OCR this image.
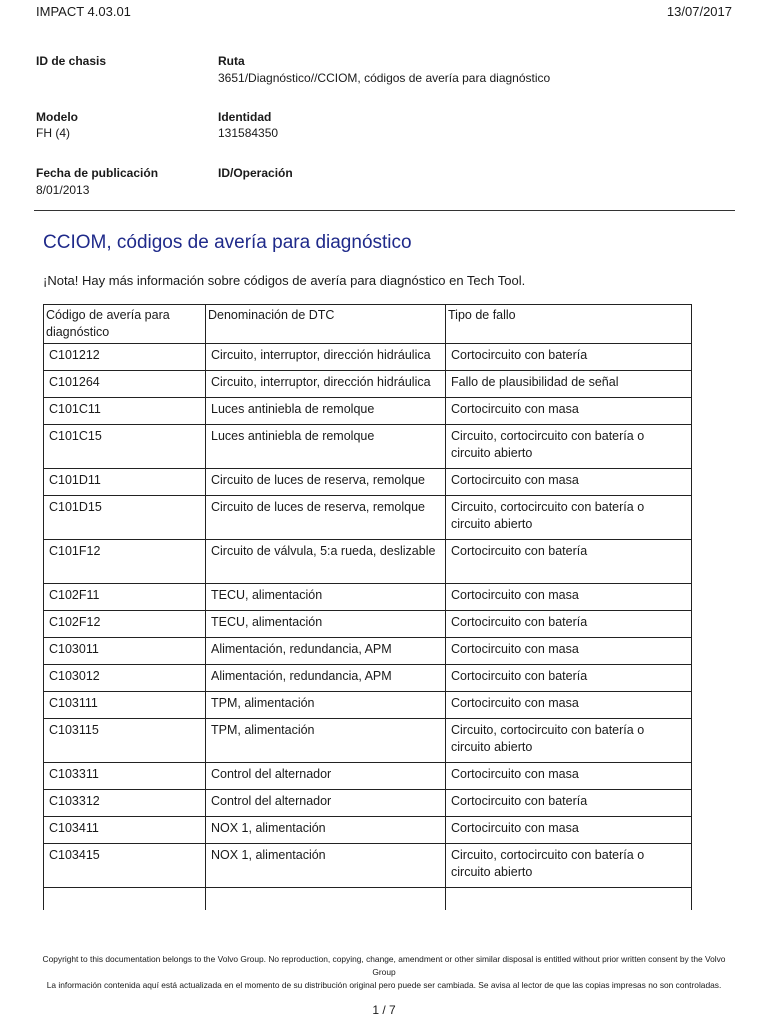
IMPACT 4.03.01	13/07/2017
ID de chasis	Ruta
3651/Diagnóstico//CCIOM, códigos de avería para diagnóstico
Modelo
FH (4)
Identidad
131584350
Fecha de publicación
8/01/2013
ID/Operación
CCIOM, códigos de avería para diagnóstico
¡Nota! Hay más información sobre códigos de avería para diagnóstico en Tech Tool.
Código de avería para diagnóstico	Denominación de DTC	Tipo de fallo
C101212	Circuito, interruptor, dirección hidráulica	Cortocircuito con batería
C101264	Circuito, interruptor, dirección hidráulica	Fallo de plausibilidad de señal
C101C11	Luces antiniebla de remolque	Cortocircuito con masa
C101C15	Luces antiniebla de remolque	Circuito, cortocircuito con batería o circuito abierto
C101D11	Circuito de luces de reserva, remolque	Cortocircuito con masa
C101D15	Circuito de luces de reserva, remolque	Circuito, cortocircuito con batería o circuito abierto
C101F12	Circuito de válvula, 5:a rueda, deslizable	Cortocircuito con batería
C102F11	TECU, alimentación	Cortocircuito con masa
C102F12	TECU, alimentación	Cortocircuito con batería
C103011	Alimentación, redundancia, APM	Cortocircuito con masa
C103012	Alimentación, redundancia, APM	Cortocircuito con batería
C103111	TPM, alimentación	Cortocircuito con masa
C103115	TPM, alimentación	Circuito, cortocircuito con batería o circuito abierto
C103311	Control del alternador	Cortocircuito con masa
C103312	Control del alternador	Cortocircuito con batería
C103411	NOX 1, alimentación	Cortocircuito con masa
C103415	NOX 1, alimentación	Circuito, cortocircuito con batería o circuito abierto

Copyright to this documentation belongs to the Volvo Group. No reproduction, copying, change, amendment or other similar disposal is entitled without prior written consent by the Volvo Group
La información contenida aquí está actualizada en el momento de su distribución original pero puede ser cambiada. Se avisa al lector de que las copias impresas no son controladas.
1 / 7
